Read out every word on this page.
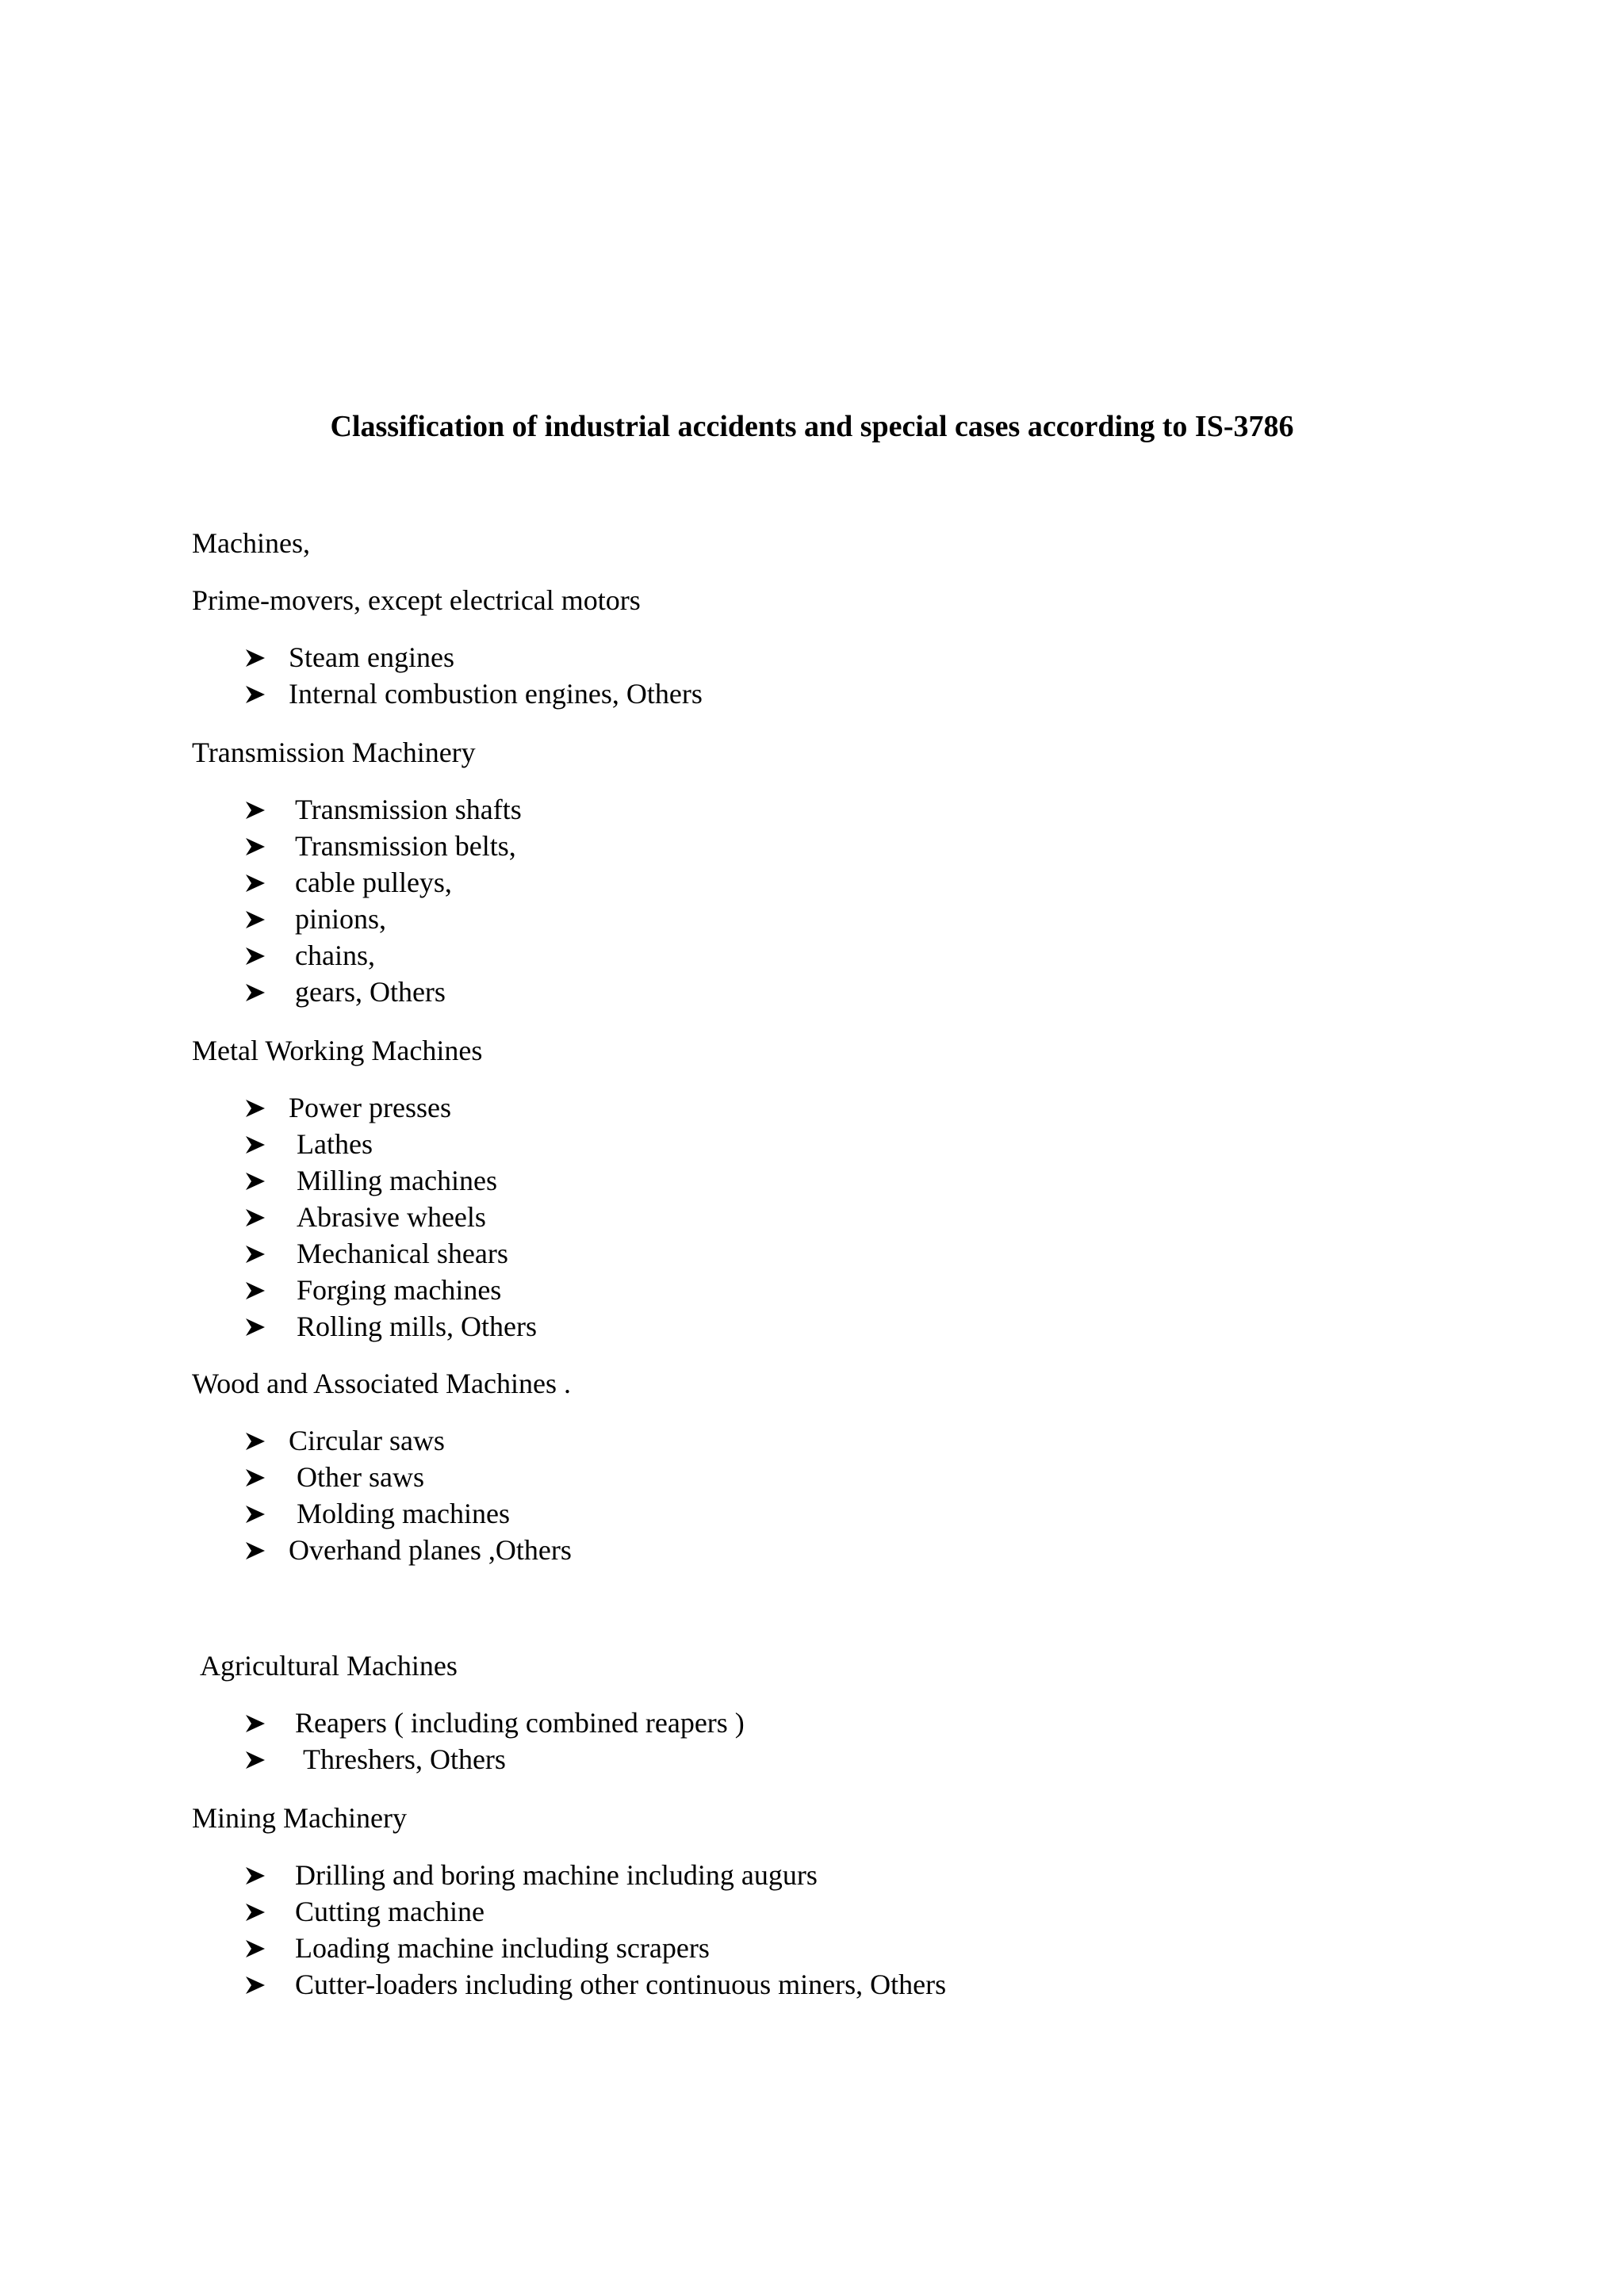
Classification of industrial accidents and special cases according to IS-3786

Machines,

Prime-movers, except electrical motors

Steam engines
Internal combustion engines, Others

Transmission Machinery

Transmission shafts
Transmission belts,
cable pulleys,
pinions,
chains,
gears, Others

Metal Working Machines

Power presses
Lathes
Milling machines
Abrasive wheels
Mechanical shears
Forging machines
Rolling mills, Others

Wood and Associated Machines .

Circular saws
Other saws
Molding machines
Overhand planes ,Others

Agricultural Machines

Reapers ( including combined reapers )
Threshers, Others

Mining Machinery

Drilling and boring machine including augurs
Cutting machine
Loading machine including scrapers
Cutter-loaders including other continuous miners, Others
